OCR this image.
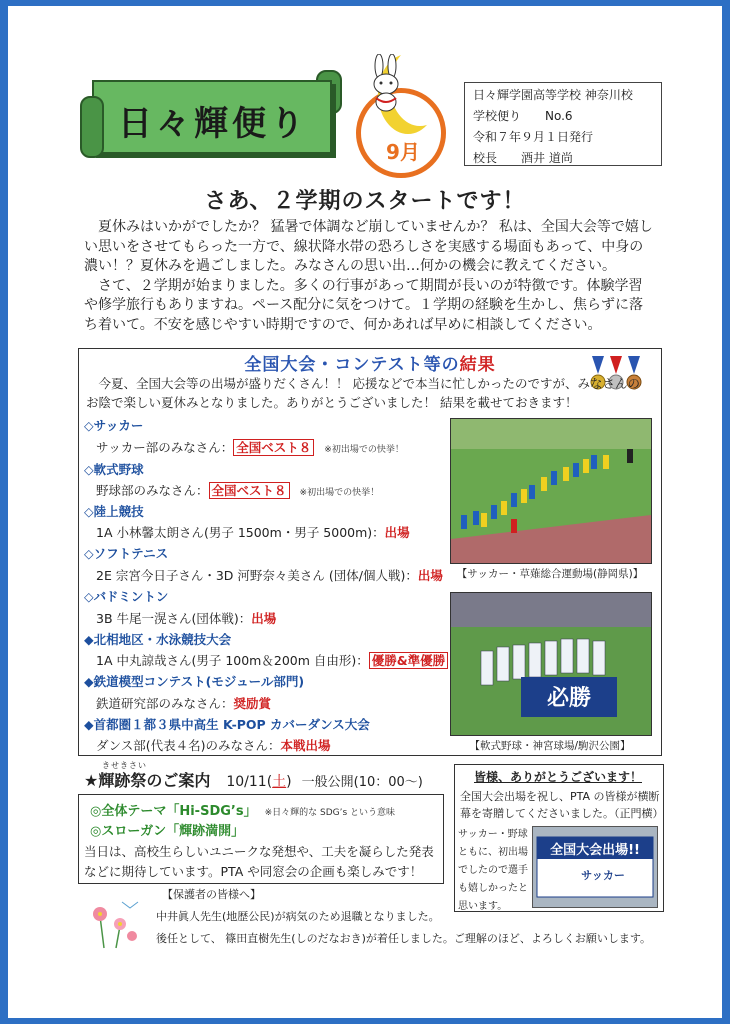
日々輝便り
9月
日々輝学園高等学校 神奈川校
学校便り　　No.6
令和７年９月１日発行
校長　　酒井 道尚
さあ、２学期のスタートです！

夏休みはいかがでしたか？ 猛暑で体調など崩していませんか？ 私は、全国大会等で嬉しい思いをさせてもらった一方で、線状降水帯の恐ろしさを実感する場面もあって、中身の濃い！？夏休みを過ごしました。みなさんの思い出…何かの機会に教えてください。

さて、２学期が始まりました。多くの行事があって期間が長いのが特徴です。体験学習や修学旅行もありますね。ペース配分に気をつけて。１学期の経験を生かし、焦らずに落ち着いて。不安を感じやすい時期ですので、何かあれば早めに相談してください。

全国大会・コンテスト等の結果

今夏、全国大会等の出場が盛りだくさん！！ 応援などで本当に忙しかったのですが、みなさんのお陰で楽しい夏休みとなりました。ありがとうございました！ 結果を載せておきます！

◇サッカー
サッカー部のみなさん： 全国ベスト８ ※初出場での快挙！
◇軟式野球
野球部のみなさん： 全国ベスト８ ※初出場での快挙！
◇陸上競技
1A 小林馨太朗さん(男子 1500m・男子 5000m)：出場
◇ソフトテニス
2E 宗宮今日子さん・3D 河野奈々美さん (団体/個人戦)：出場
◇バドミントン
3B 牛尾一滉さん(団体戦)：出場
◆北相地区・水泳競技大会
1A 中丸諒哉さん(男子 100m＆200m 自由形)： 優勝&準優勝
◆鉄道模型コンテスト(モジュール部門)
鉄道研究部のみなさん：奨励賞
◆首都圏１都３県中高生 K-POP カバーダンス大会
ダンス部(代表４名)のみなさん：本戦出場
【サッカー・草薙総合運動場(静岡県)】
必勝
【軟式野球・神宮球場/駒沢公園】
きせきさい
★輝跡祭のご案内 10/11(土) 一般公開(10：00～)
◎全体テーマ「Hi-SDG’s」 ※日々輝的な SDG’s という意味
◎スローガン「輝跡満開」
当日は、高校生らしいユニークな発想や、工夫を凝らした発表などに期待しています。PTA や同窓会の企画も楽しみです！
皆様、ありがとうございます！
全国大会出場を祝し、PTA の皆様が横断幕を寄贈してくださいました。（正門横）
サッカー・野球ともに、初出場でしたので選手も嬉しかったと思います。
全国大会出場!!
サッカー
【保護者の皆様へ】
中井眞人先生(地歴公民)が病気のため退職となりました。
後任として、 篠田直樹先生(しのだなおき)が着任しました。ご理解のほど、よろしくお願いします。
